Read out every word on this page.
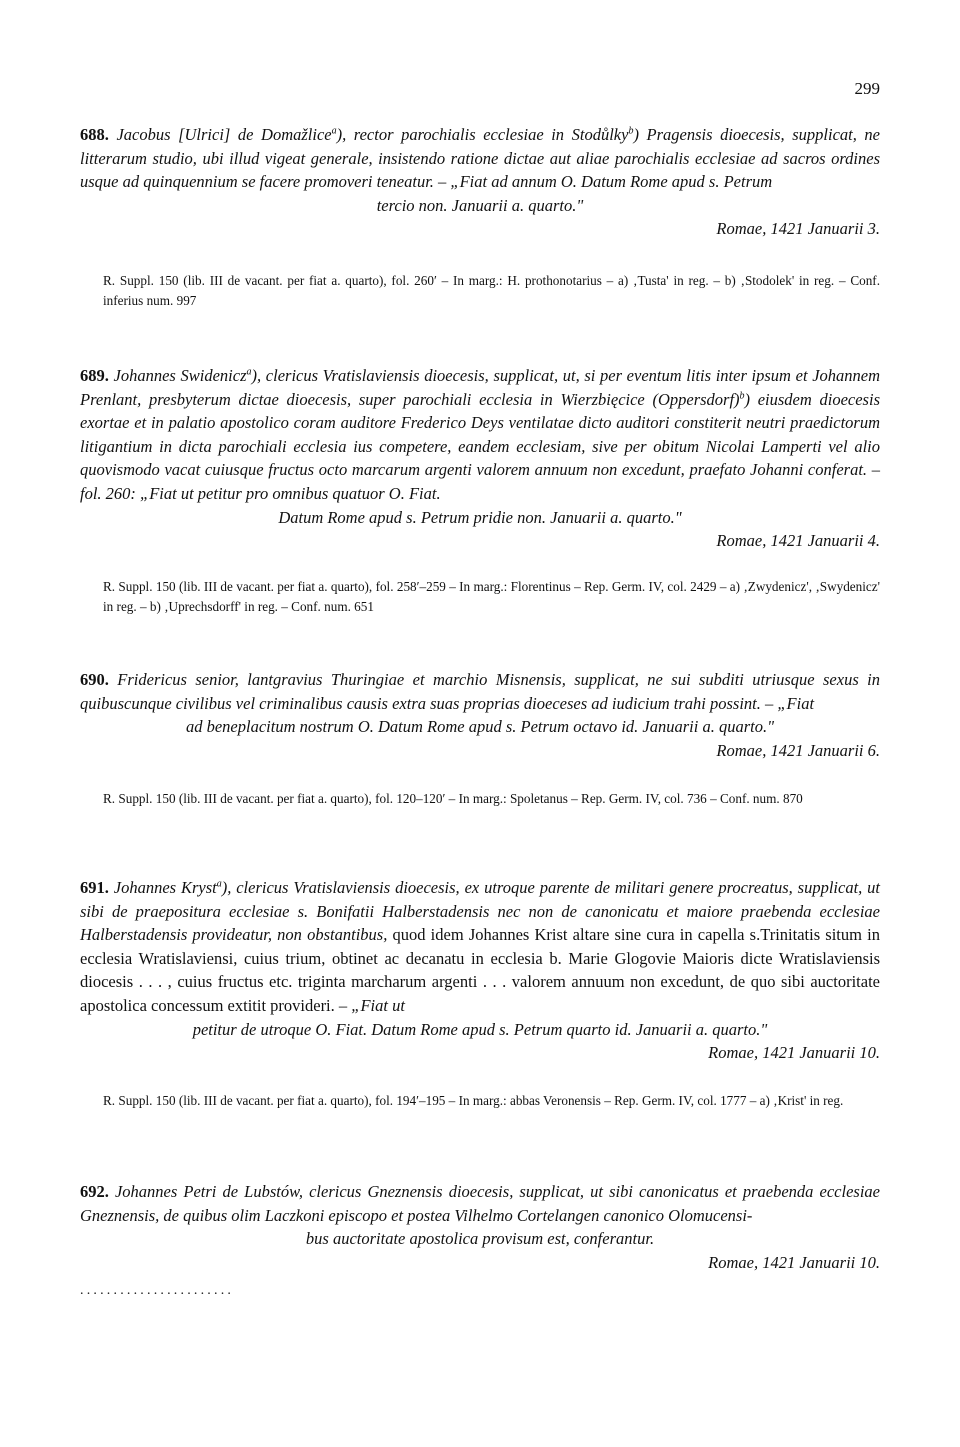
299
688. Jacobus [Ulrici] de Domažlice$^a$), rector parochialis ecclesiae in Stodůlky$^b$) Pragensis dioecesis, supplicat, ne litterarum studio, ubi illud vigeat generale, insistendo ratione dictae aut aliae parochialis ecclesiae ad sacros ordines usque ad quinquennium se facere promoveri teneatur. – „Fiat ad annum O. Datum Rome apud s. Petrum
tercio non. Januarii a. quarto."
Romae, 1421 Januarii 3.
R. Suppl. 150 (lib. III de vacant. per fiat a. quarto), fol. 260′ – In marg.: H. prothonotarius – a) ‚Tusta' in reg. – b) ‚Stodolek' in reg. – Conf. inferius num. 997
689. Johannes Swidenicz$^a$), clericus Vratislaviensis dioecesis, supplicat, ut, si per eventum litis inter ipsum et Johannem Prenlant, presbyterum dictae dioecesis, super parochiali ecclesia in Wierzbięcice (Oppersdorf)$^b$) eiusdem dioecesis exortae et in palatio apostolico coram auditore Frederico Deys ventilatae dicto auditori constiterit neutri praedictorum litigantium in dicta parochiali ecclesia ius competere, eandem ecclesiam, sive per obitum Nicolai Lamperti vel alio quovismodo vacat cuiusque fructus octo marcarum argenti valorem annuum non excedunt, praefato Johanni conferat. – fol. 260: „Fiat ut petitur pro omnibus quatuor O. Fiat.
Datum Rome apud s. Petrum pridie non. Januarii a. quarto."
Romae, 1421 Januarii 4.
R. Suppl. 150 (lib. III de vacant. per fiat a. quarto), fol. 258′–259 – In marg.: Florentinus – Rep. Germ. IV, col. 2429 – a) ‚Zwydenicz', ‚Swydenicz' in reg. – b) ‚Uprechsdorff' in reg. – Conf. num. 651
690. Fridericus senior, lantgravius Thuringiae et marchio Misnensis, supplicat, ne sui subditi utriusque sexus in quibuscunque civilibus vel criminalibus causis extra suas proprias dioeceses ad iudicium trahi possint. – „Fiat
ad beneplacitum nostrum O. Datum Rome apud s. Petrum octavo id. Januarii a. quarto."
Romae, 1421 Januarii 6.
R. Suppl. 150 (lib. III de vacant. per fiat a. quarto), fol. 120–120′ – In marg.: Spoletanus – Rep. Germ. IV, col. 736 – Conf. num. 870
691. Johannes Kryst$^a$), clericus Vratislaviensis dioecesis, ex utroque parente de militari genere procreatus, supplicat, ut sibi de praepositura ecclesiae s. Bonifatii Halberstadensis nec non de canonicatu et maiore praebenda ecclesiae Halberstadensis provideatur, non obstantibus, quod idem Johannes Krist altare sine cura in capella s.Trinitatis situm in ecclesia Wratislaviensi, cuius trium, obtinet ac decanatu in ecclesia b. Marie Glogovie Maioris dicte Wratislaviensis diocesis . . . , cuius fructus etc. triginta marcharum argenti . . . valorem annuum non excedunt, de quo sibi auctoritate apostolica concessum extitit provideri. – „Fiat ut
petitur de utroque O. Fiat. Datum Rome apud s. Petrum quarto id. Januarii a. quarto."
Romae, 1421 Januarii 10.
R. Suppl. 150 (lib. III de vacant. per fiat a. quarto), fol. 194′–195 – In marg.: abbas Veronensis – Rep. Germ. IV, col. 1777 – a) ‚Krist' in reg.
692. Johannes Petri de Lubstów, clericus Gneznensis dioecesis, supplicat, ut sibi canonicatus et praebenda ecclesiae Gneznensis, de quibus olim Laczkoni episcopo et postea Vilhelmo Cortelangen canonico Olomucensi-
bus auctoritate apostolica provisum est, conferantur.
Romae, 1421 Januarii 10.
.......................
